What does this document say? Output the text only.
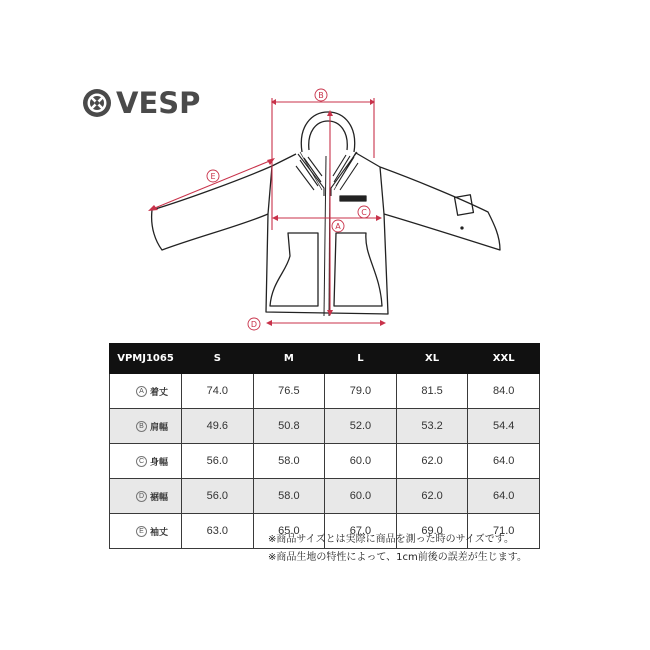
VESP	B
A
C
D
E
VPMJ1065	S	M	L	XL	XXL
A 着丈	74.0	76.5	79.0	81.5	84.0
B 肩幅	49.6	50.8	52.0	53.2	54.4
C 身幅	56.0	58.0	60.0	62.0	64.0
D 裾幅	56.0	58.0	60.0	62.0	64.0
E 袖丈	63.0	65.0	67.0	69.0	71.0
※商品サイズとは実際に商品を測った時のサイズです。
※商品生地の特性によって、1cm前後の誤差が生じます。
